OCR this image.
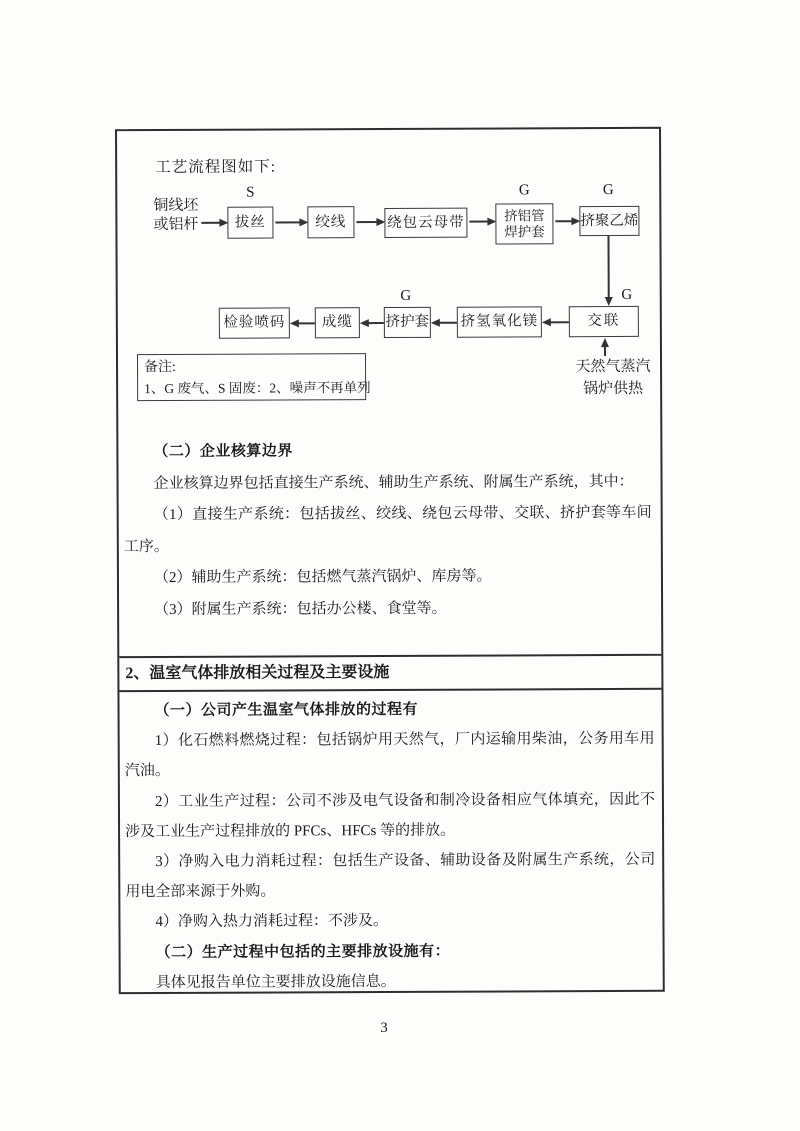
工艺流程图如下:
铜线坯
或铝杆
S	G	G
拔丝	绞线	绕包云母带	挤铝管
焊护套
挤聚乙烯
G
G
检验喷码	成缆 挤护套 挤氢氧化镁	交联
天然气蒸汽
锅炉供热
备注:
1、G 废气、S 固废：2、噪声不再单列

（二）企业核算边界

企业核算边界包括直接生产系统、辅助生产系统、附属生产系统，其中：

（1）直接生产系统：包括拔丝、绞线、绕包云母带、交联、挤护套等车间工序。

（2）辅助生产系统：包括燃气蒸汽锅炉、库房等。

（3）附属生产系统：包括办公楼、食堂等。

2、温室气体排放相关过程及主要设施

（一）公司产生温室气体排放的过程有

1）化石燃料燃烧过程：包括锅炉用天然气，厂内运输用柴油，公务用车用汽油。

2）工业生产过程：公司不涉及电气设备和制冷设备相应气体填充，因此不涉及工业生产过程排放的 PFCs、HFCs 等的排放。

3）净购入电力消耗过程：包括生产设备、辅助设备及附属生产系统，公司用电全部来源于外购。

4）净购入热力消耗过程：不涉及。

（二）生产过程中包括的主要排放设施有：

具体见报告单位主要排放设施信息。

3
